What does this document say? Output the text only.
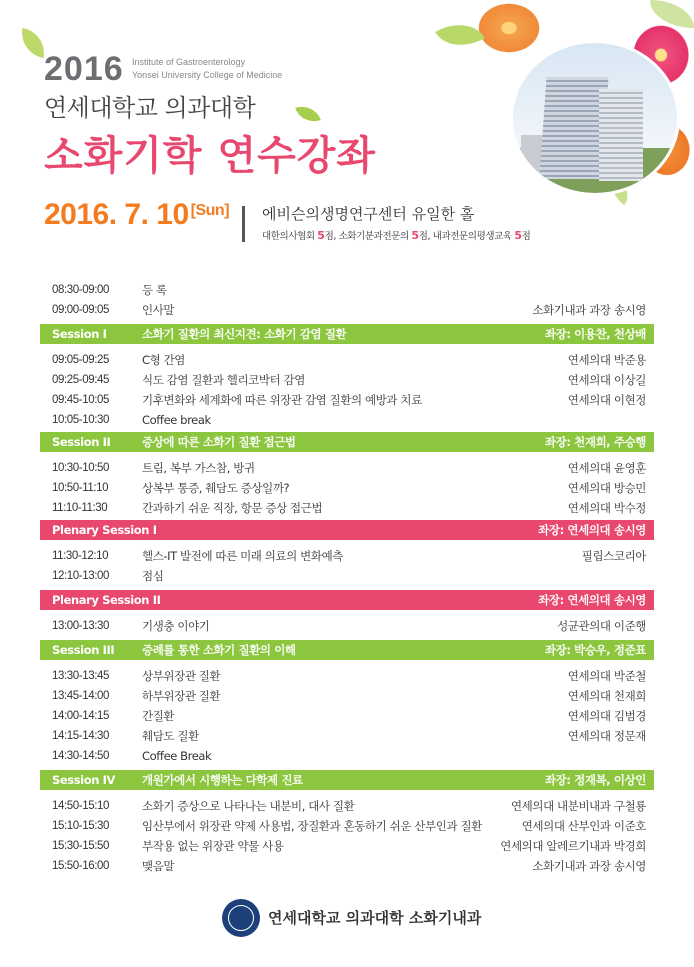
2016 Institute of Gastroenterology
Yonsei University College of Medicine
연세대학교 의과대학
소화기학 연수강좌
2016. 7. 10 [Sun] 에비슨의생명연구센터 유일한 홀
대한의사협회 5점, 소화기분과전문의 5점, 내과전문의평생교육 5점
08:30-09:00	등 록
09:00-09:05	인사말	소화기내과 과장 송시영
Session I	소화기 질환의 최신지견: 소화기 감염 질환	좌장: 이용찬, 천상배
09:05-09:25	C형 간염	연세의대 박준용
09:25-09:45	식도 감염 질환과 헬리코박터 감염	연세의대 이상길
09:45-10:05	기후변화와 세계화에 따른 위장관 감염 질환의 예방과 치료	연세의대 이현정
10:05-10:30	Coffee break
Session II	증상에 따른 소화기 질환 접근법	좌장: 천재희, 주승행
10:30-10:50	트림, 복부 가스참, 방귀	연세의대 윤영훈
10:50-11:10	상복부 통증, 췌담도 증상일까?	연세의대 방승민
11:10-11:30	간과하기 쉬운 직장, 항문 증상 접근법	연세의대 박수정
Plenary Session I	좌장: 연세의대 송시영
11:30-12:10	헬스-IT 발전에 따른 미래 의료의 변화예측	필립스코리아
12:10-13:00	점심
Plenary Session II	좌장: 연세의대 송시영
13:00-13:30	기생충 이야기	성균관의대 이준행
Session III 증례를 통한 소화기 질환의 이해	좌장: 박승우, 정준표
13:30-13:45	상부위장관 질환	연세의대 박준철
13:45-14:00	하부위장관 질환	연세의대 천재희
14:00-14:15	간질환	연세의대 김범경
14:15-14:30	췌담도 질환	연세의대 정문재
14:30-14:50	Coffee Break
Session IV 개원가에서 시행하는 다학제 진료	좌장: 정재복, 이상인
14:50-15:10	소화기 증상으로 나타나는 내분비, 대사 질환	연세의대 내분비내과 구철룡
15:10-15:30	임산부에서 위장관 약제 사용법, 장질환과 혼동하기 쉬운 산부인과 질환	연세의대 산부인과 이준호
15:30-15:50	부작용 없는 위장관 약물 사용	연세의대 알레르기내과 박경희
15:50-16:00	맺음말	소화기내과 과장 송시영
연세대학교 의과대학 소화기내과
